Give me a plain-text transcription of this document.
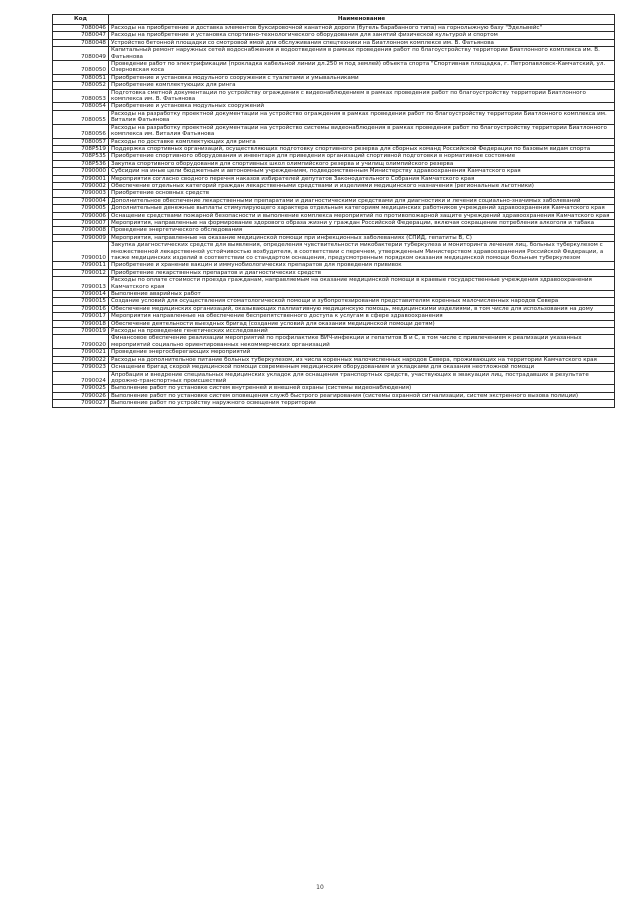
Код	Наименование
7080046	Расходы на приобретение и доставка элементов буксировочной канатной дороги (бугель барабанного типа) на горнолыжную базу "Эдельвейс"
7080047	Расходы на приобретение и установка спортивно-технологического оборудования для занятий физической культурой и спортом
7080048	Устройство бетонной площадки со смотровой ямой для обслуживания спецтехники на Биатлонном комплексе им. В. Фатьянова
7080049	Капитальный ремонт наружных сетей водоснабжения и водоотведения в рамках проведения работ по благоустройству территории Биатлонного комплекса им. В. Фатьянова
7080050	Проведение работ по электрификации (прокладка кабельной линии дл.250 м под землей) объекта спорта "Спортивная площадка, г. Петропавловск-Камчатский, ул. Озерновская коса
7080051	Приобретение и установка модульного сооружения с туалетами и умывальниками
7080052	Приобретение комплектующих для ринга
7080053	Подготовка сметной документации по устройству ограждения с видеонаблюдением в рамках проведения работ по благоустройству территории Биатлонного комплекса им. В. Фатьянова
7080054	Приобретение и установка модульных сооружений
7080055	Расходы на разработку проектной документации на устройство ограждения в рамках проведения работ по благоустройству территории Биатлонного комплекса им. Виталия Фатьянова
7080056	Расходы на разработку проектной документации на устройство системы видеонаблюдения в рамках проведения работ по благоустройству территории Биатлонного комплекса им. Виталия Фатьянова
7080057	Расходы по доставке комплектующих для ринга
708Р519	Поддержка спортивных организаций, осуществляющих подготовку спортивного резерва для сборных команд Российской Федерации по базовым видам спорта
708Р535	Приобретение спортивного оборудования и инвентаря для приведения организаций спортивной подготовки в нормативное состояние
708Р536	Закупка спортивного оборудования для спортивных школ олимпийского резерва и училищ олимпийского резерва
7090000	Субсидии на иные цели бюджетным и автономным учреждениям, подведомственным Министерству здравоохранения Камчатского края
7090001	Мероприятия согласно сводного перечня наказов избирателей депутатов Законодательного Собрания Камчатского края
7090002	Обеспечение отдельных категорий граждан лекарственными средствами и изделиями медицинского назначения (региональные льготники)
7090003	Приобретение основных средств
7090004	Дополнительное обеспечение лекарственными препаратами и диагностическими средствами для диагностики и лечения социально-значимых заболеваний
7090005	Дополнительные денежные выплаты стимулирующего характера отдельным категориям медицинских работников учреждений здравоохранения Камчатского края
7090006	Оснащение средствами пожарной безопасности и выполнение комплекса мероприятий по противопожарной защите учреждений здравоохранения Камчатского края
7090007	Мероприятия, направленные на формирование здорового образа жизни у граждан Российской Федерации, включая сокращение потребления алкоголя и табака
7090008	Проведение энергетического обследования
7090009	Мероприятия, направленные на оказание медицинской помощи при инфекционных заболеваниях (СПИД, гепатиты В, С)
7090010	Закупка диагностических средств для выявления, определения чувствительности микобактерии туберкулеза и мониторинга лечения лиц, больных туберкулезом с множественной лекарственной устойчивостью возбудителя, в соответствии с перечнем, утвержденным Министерством здравоохранения Российской Федерации, а также медицинских изделий в соответствии со стандартом оснащения, предусмотренным порядком оказания медицинской помощи больным туберкулезом
7090011	Приобретение и хранение вакцин и иммунобиологических препаратов для проведения прививок
7090012	Приобретение лекарственных препаратов и диагностических средств
7090013	Расходы по оплате стоимости проезда гражданам, направляемым на оказание медицинской помощи в краевые государственные учреждения здравоохранения Камчатского края
7090014	Выполнение аварийных работ
7090015	Создание условий для осуществления стоматологической помощи и зубопротезирования представителям коренных малочисленных народов Севера
7090016	Обеспечение медицинских организаций, оказывающих паллиативную медицинскую помощь, медицинскими изделиями, в том числе для использования на дому
7090017	Мероприятия направленные на обеспечение беспрепятственного доступа к услугам в сфере здравоохранения
7090018	Обеспечение деятельности выездных бригад (создание условий для оказания медицинской помощи детям)
7090019	Расходы на проведение генетических исследований
7090020	Финансовое обеспечение реализации мероприятий по профилактике ВИЧ-инфекции и гепатитов В и С, в том числе с привлечением к реализации указанных мероприятий социально ориентированных некоммерческих организаций
7090021	Проведение энергосберегающих мероприятий
7090022	Расходы на дополнительное питание больных туберкулезом, из числа коренных малочисленных народов Севера, проживающих на территории Камчатского края
7090023	Оснащение бригад скорой медицинской помощи современным медицинским оборудованием и укладками для оказания неотложной помощи
7090024	Апробация и внедрение специальных медицинских укладок для оснащения транспортных средств, участвующих в эвакуации лиц, пострадавших в результате дорожно-транспортных происшествий
7090025	Выполнение работ по установке систем внутренней и внешней охраны (системы видеонаблюдения)
7090026	Выполнение работ по установке систем оповещения служб быстрого реагирования (системы охранной сигнализации, систем экстренного вызова полиции)
7090027	Выполнение работ по устройству наружного освещения территории
10
